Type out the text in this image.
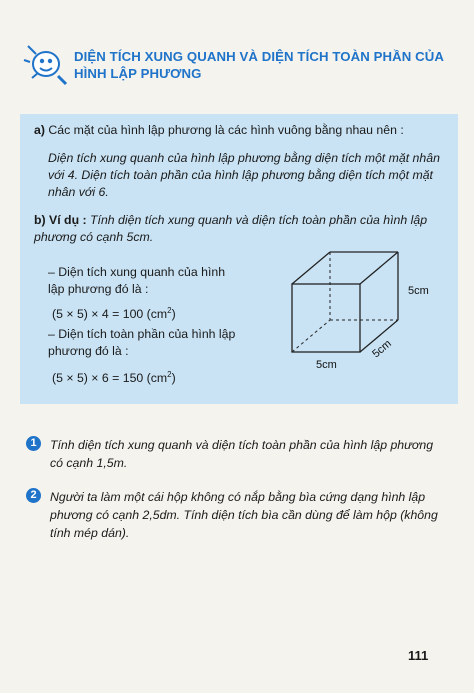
DIỆN TÍCH XUNG QUANH VÀ DIỆN TÍCH TOÀN PHẦN CỦA HÌNH LẬP PHƯƠNG
a) Các mặt của hình lập phương là các hình vuông bằng nhau nên :
Diện tích xung quanh của hình lập phương bằng diện tích một mặt nhân với 4. Diện tích toàn phần của hình lập phương bằng diện tích một mặt nhân với 6.
b) Ví dụ : Tính diện tích xung quanh và diện tích toàn phần của hình lập phương có cạnh 5cm.
– Diện tích xung quanh của hình lập phương đó là :
(5 × 5) × 4 = 100 $(cm^2)$
– Diện tích toàn phần của hình lập phương đó là :
(5 × 5) × 6 = 150 $(cm^2)$
5cm
5cm
5cm
1	Tính diện tích xung quanh và diện tích toàn phần của hình lập phương có cạnh 1,5m.
2	Người ta làm một cái hộp không có nắp bằng bìa cứng dạng hình lập phương có cạnh 2,5dm. Tính diện tích bìa cần dùng để làm hộp (không tính mép dán).
111
